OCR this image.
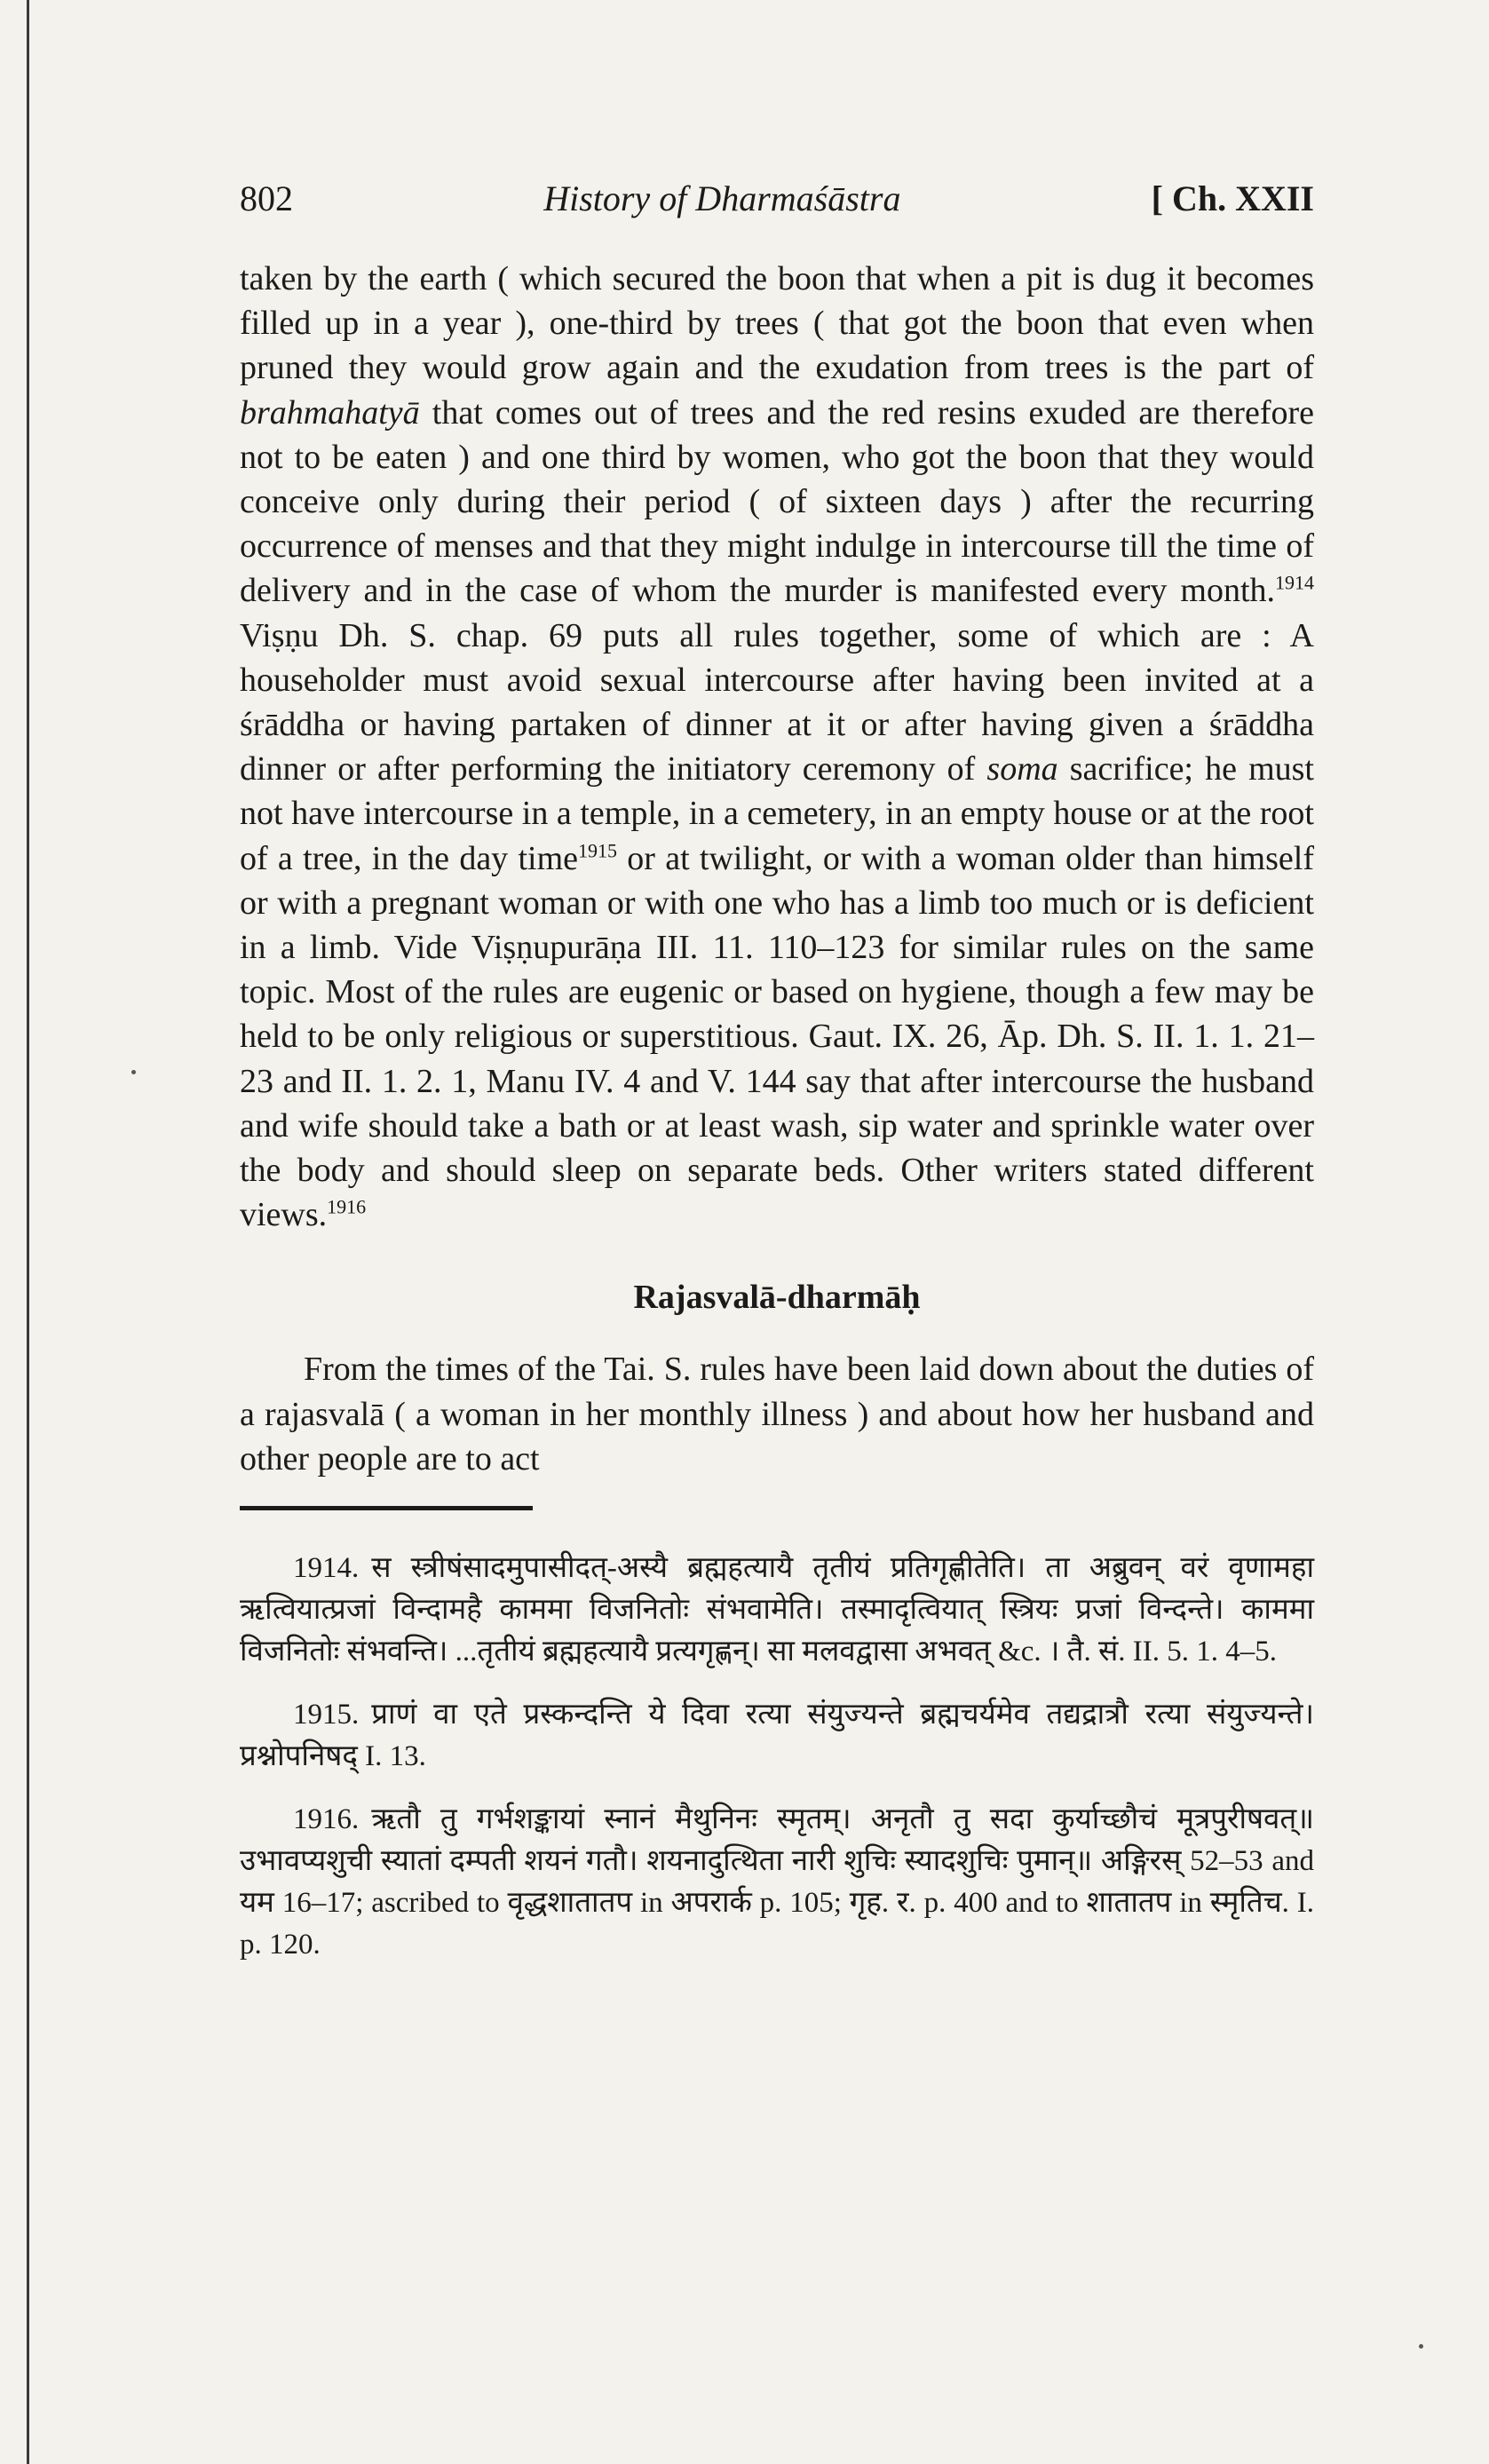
802	History of Dharmaśāstra	[ Ch. XXII

taken by the earth ( which secured the boon that when a pit is dug it becomes filled up in a year ), one-third by trees ( that got the boon that even when pruned they would grow again and the exudation from trees is the part of brahmahatyā that comes out of trees and the red resins exuded are therefore not to be eaten ) and one third by women, who got the boon that they would conceive only during their period ( of sixteen days ) after the recurring occurrence of menses and that they might indulge in intercourse till the time of delivery and in the case of whom the murder is manifested every month.$^{1914}$ Viṣṇu Dh. S. chap. 69 puts all rules together, some of which are : A householder must avoid sexual intercourse after having been invited at a śrāddha or having partaken of dinner at it or after having given a śrāddha dinner or after performing the initiatory ceremony of soma sacrifice; he must not have intercourse in a temple, in a cemetery, in an empty house or at the root of a tree, in the day time$^{1915}$ or at twilight, or with a woman older than himself or with a pregnant woman or with one who has a limb too much or is deficient in a limb. Vide Viṣṇupurāṇa III. 11. 110–123 for similar rules on the same topic. Most of the rules are eugenic or based on hygiene, though a few may be held to be only religious or superstitious. Gaut. IX. 26, Āp. Dh. S. II. 1. 1. 21–23 and II. 1. 2. 1, Manu IV. 4 and V. 144 say that after intercourse the husband and wife should take a bath or at least wash, sip water and sprinkle water over the body and should sleep on separate beds. Other writers stated different views.$^{1916}$

Rajasvalā-dharmāḥ

From the times of the Tai. S. rules have been laid down about the duties of a rajasvalā ( a woman in her monthly illness ) and about how her husband and other people are to act

1914. स स्त्रीषंसादमुपासीदत्-अस्यै ब्रह्महत्यायै तृतीयं प्रतिगृह्णीतेति। ता अब्रुवन् वरं वृणामहा ऋत्वियात्प्रजां विन्दामहै काममा विजनितोः संभवामेति। तस्मादृत्वियात् स्त्रियः प्रजां विन्दन्ते। काममा विजनितोः संभवन्ति। ...तृतीयं ब्रह्महत्यायै प्रत्यगृह्णन्। सा मलवद्वासा अभवत् &c. । तै. सं. II. 5. 1. 4–5.

1915. प्राणं वा एते प्रस्कन्दन्ति ये दिवा रत्या संयुज्यन्ते ब्रह्मचर्यमेव तद्यद्रात्रौ रत्या संयुज्यन्ते। प्रश्नोपनिषद् I. 13.

1916. ऋतौ तु गर्भशङ्कायां स्नानं मैथुनिनः स्मृतम्। अनृतौ तु सदा कुर्याच्छौचं मूत्रपुरीषवत्॥ उभावप्यशुची स्यातां दम्पती शयनं गतौ। शयनादुत्थिता नारी शुचिः स्यादशुचिः पुमान्॥ अङ्गिरस् 52–53 and यम 16–17; ascribed to वृद्धशातातप in अपरार्क p. 105; गृह. र. p. 400 and to शातातप in स्मृतिच. I. p. 120.
